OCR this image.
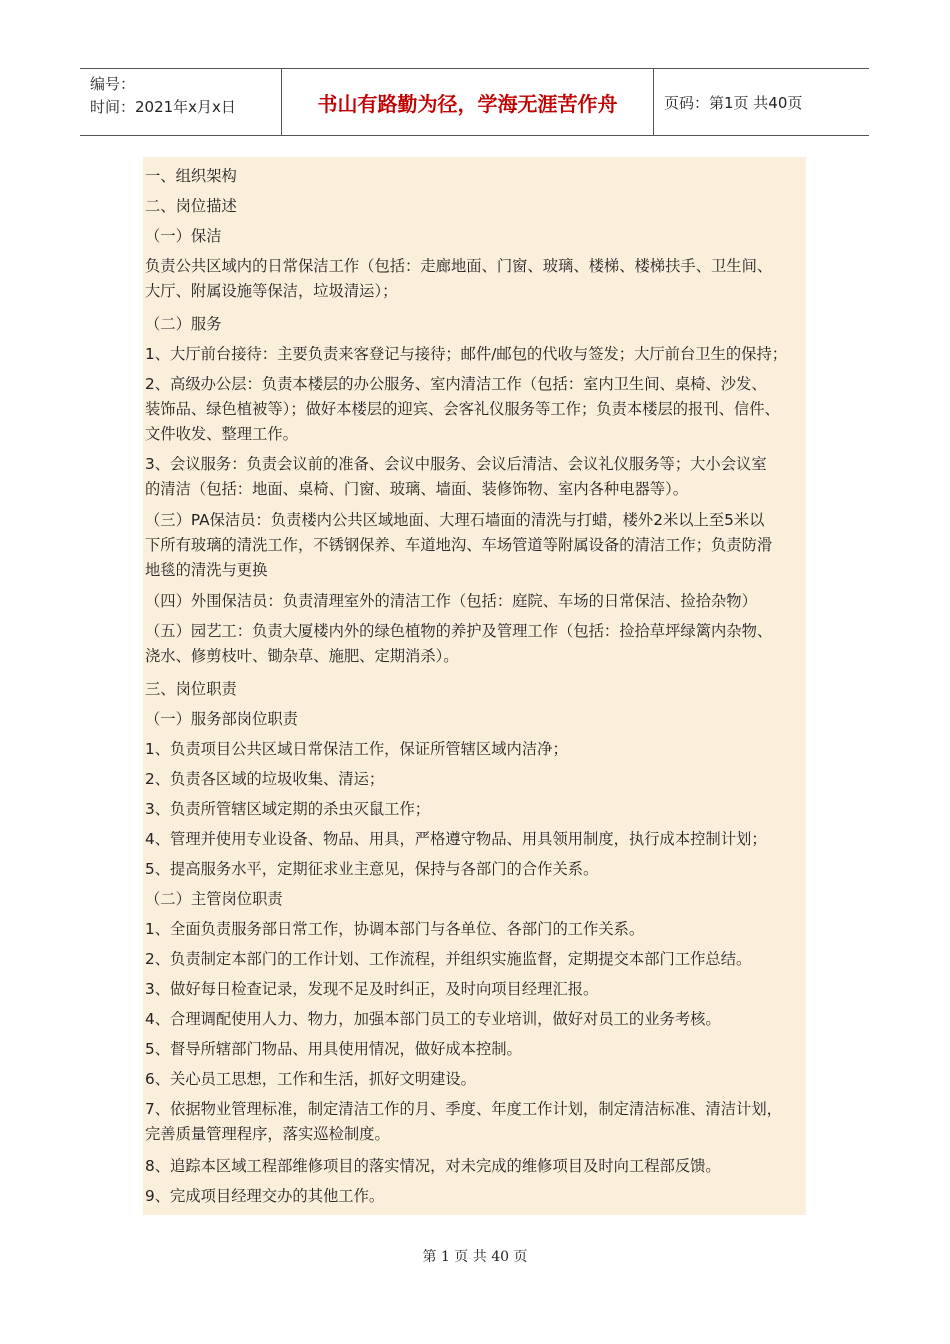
编号：
时间：2021年x月x日	书山有路勤为径，学海无涯苦作舟	页码：第1页 共40页
一、组织架构
二、岗位描述
（一）保洁
负责公共区域内的日常保洁工作（包括：走廊地面、门窗、玻璃、楼梯、楼梯扶手、卫生间、
大厅、附属设施等保洁，垃圾清运）；
（二）服务
1、大厅前台接待：主要负责来客登记与接待；邮件/邮包的代收与签发；大厅前台卫生的保持；
2、高级办公层：负责本楼层的办公服务、室内清洁工作（包括：室内卫生间、桌椅、沙发、
装饰品、绿色植被等）；做好本楼层的迎宾、会客礼仪服务等工作；负责本楼层的报刊、信件、
文件收发、整理工作。
3、会议服务：负责会议前的准备、会议中服务、会议后清洁、会议礼仪服务等；大小会议室
的清洁（包括：地面、桌椅、门窗、玻璃、墙面、装修饰物、室内各种电器等）。
（三）PA保洁员：负责楼内公共区域地面、大理石墙面的清洗与打蜡，楼外2米以上至5米以
下所有玻璃的清洗工作，不锈钢保养、车道地沟、车场管道等附属设备的清洁工作；负责防滑
地毯的清洗与更换
（四）外围保洁员：负责清理室外的清洁工作（包括：庭院、车场的日常保洁、捡拾杂物）
（五）园艺工：负责大厦楼内外的绿色植物的养护及管理工作（包括：捡拾草坪绿篱内杂物、
浇水、修剪枝叶、锄杂草、施肥、定期消杀）。
三、岗位职责
（一）服务部岗位职责
1、负责项目公共区域日常保洁工作，保证所管辖区域内洁净；
2、负责各区域的垃圾收集、清运；
3、负责所管辖区域定期的杀虫灭鼠工作；
4、管理并使用专业设备、物品、用具，严格遵守物品、用具领用制度，执行成本控制计划；
5、提高服务水平，定期征求业主意见，保持与各部门的合作关系。
（二）主管岗位职责
1、全面负责服务部日常工作，协调本部门与各单位、各部门的工作关系。
2、负责制定本部门的工作计划、工作流程，并组织实施监督，定期提交本部门工作总结。
3、做好每日检查记录，发现不足及时纠正，及时向项目经理汇报。
4、合理调配使用人力、物力，加强本部门员工的专业培训，做好对员工的业务考核。
5、督导所辖部门物品、用具使用情况，做好成本控制。
6、关心员工思想，工作和生活，抓好文明建设。
7、依据物业管理标准，制定清洁工作的月、季度、年度工作计划，制定清洁标准、清洁计划，
完善质量管理程序，落实巡检制度。
8、追踪本区域工程部维修项目的落实情况，对未完成的维修项目及时向工程部反馈。
9、完成项目经理交办的其他工作。
第 1 页 共 40 页
